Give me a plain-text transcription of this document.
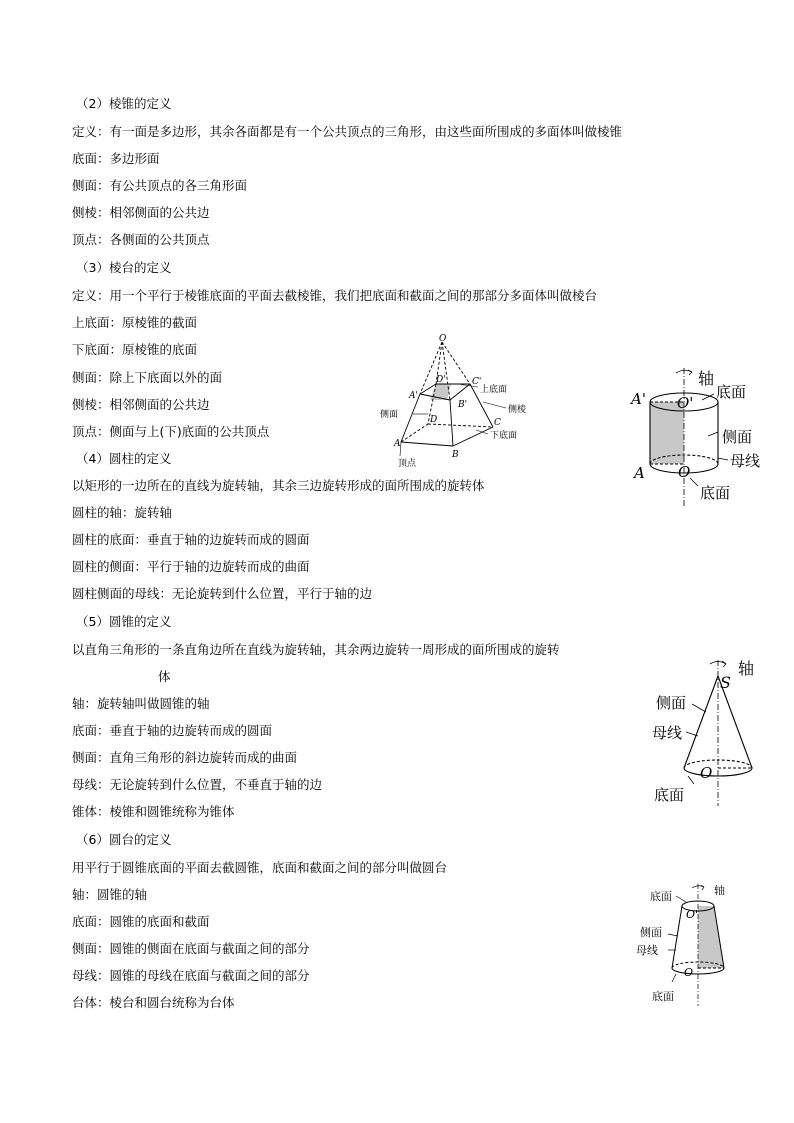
（2）棱锥的定义
定义：有一面是多边形，其余各面都是有一个公共顶点的三角形，由这些面所围成的多面体叫做棱锥
底面：多边形面
侧面：有公共顶点的各三角形面
侧棱：相邻侧面的公共边
顶点：各侧面的公共顶点
（3）棱台的定义
定义：用一个平行于棱锥底面的平面去截棱锥，我们把底面和截面之间的那部分多面体叫做棱台
上底面：原棱锥的截面
下底面：原棱锥的底面
侧面：除上下底面以外的面
侧棱：相邻侧面的公共边
顶点：侧面与上(下)底面的公共顶点
（4）圆柱的定义
以矩形的一边所在的直线为旋转轴，其余三边旋转形成的面所围成的旋转体
圆柱的轴：旋转轴
圆柱的底面：垂直于轴的边旋转而成的圆面
圆柱的侧面：平行于轴的边旋转而成的曲面
圆柱侧面的母线：无论旋转到什么位置，平行于轴的边
（5）圆锥的定义
以直角三角形的一条直角边所在直线为旋转轴，其余两边旋转一周形成的面所围成的旋转
体
轴：旋转轴叫做圆锥的轴
底面：垂直于轴的边旋转而成的圆面
侧面：直角三角形的斜边旋转而成的曲面
母线：无论旋转到什么位置，不垂直于轴的边
锥体：棱锥和圆锥统称为锥体
（6）圆台的定义
用平行于圆锥底面的平面去截圆锥，底面和截面之间的部分叫做圆台
轴：圆锥的轴
底面：圆锥的底面和截面
侧面：圆锥的侧面在底面与截面之间的部分
母线：圆锥的母线在底面与截面之间的部分
台体：棱台和圆台统称为台体
O
A'
D'
B'
C'
D	C
A
B
上底面
侧棱
侧面
下底面
顶点
轴
A' O'
底面
侧面
母线
A O
底面
轴
S
侧面
母线
O
底面
底面	轴
O'
侧面
母线
O
底面
